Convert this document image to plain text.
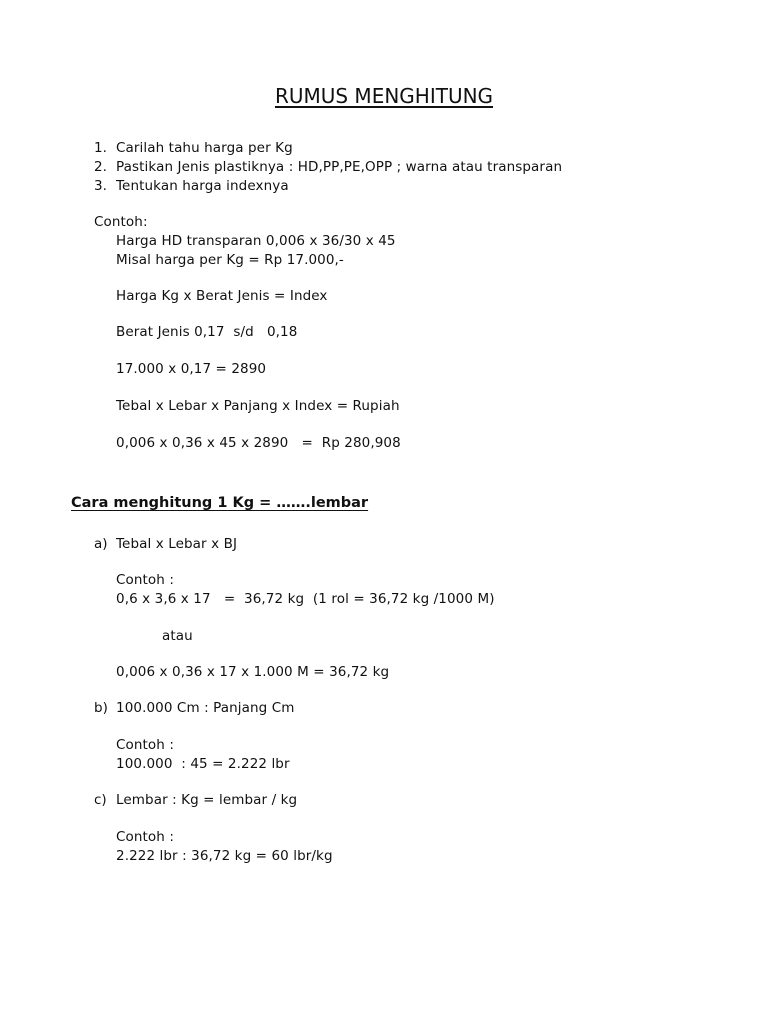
RUMUS MENGHITUNG
1. Carilah tahu harga per Kg
2. Pastikan Jenis plastiknya : HD,PP,PE,OPP ; warna atau transparan
3. Tentukan harga indexnya
Contoh:
Harga HD transparan 0,006 x 36/30 x 45
Misal harga per Kg = Rp 17.000,-
Harga Kg x Berat Jenis = Index
Berat Jenis 0,17  s/d   0,18
17.000 x 0,17 = 2890
Tebal x Lebar x Panjang x Index = Rupiah
0,006 x 0,36 x 45 x 2890   =  Rp 280,908
Cara menghitung 1 Kg = …….lembar
a) Tebal x Lebar x BJ
Contoh :
0,6 x 3,6 x 17   =  36,72 kg  (1 rol = 36,72 kg /1000 M)
atau
0,006 x 0,36 x 17 x 1.000 M = 36,72 kg
b) 100.000 Cm : Panjang Cm
Contoh :
100.000  : 45 = 2.222 lbr
c) Lembar : Kg = lembar / kg
Contoh :
2.222 lbr : 36,72 kg = 60 lbr/kg
